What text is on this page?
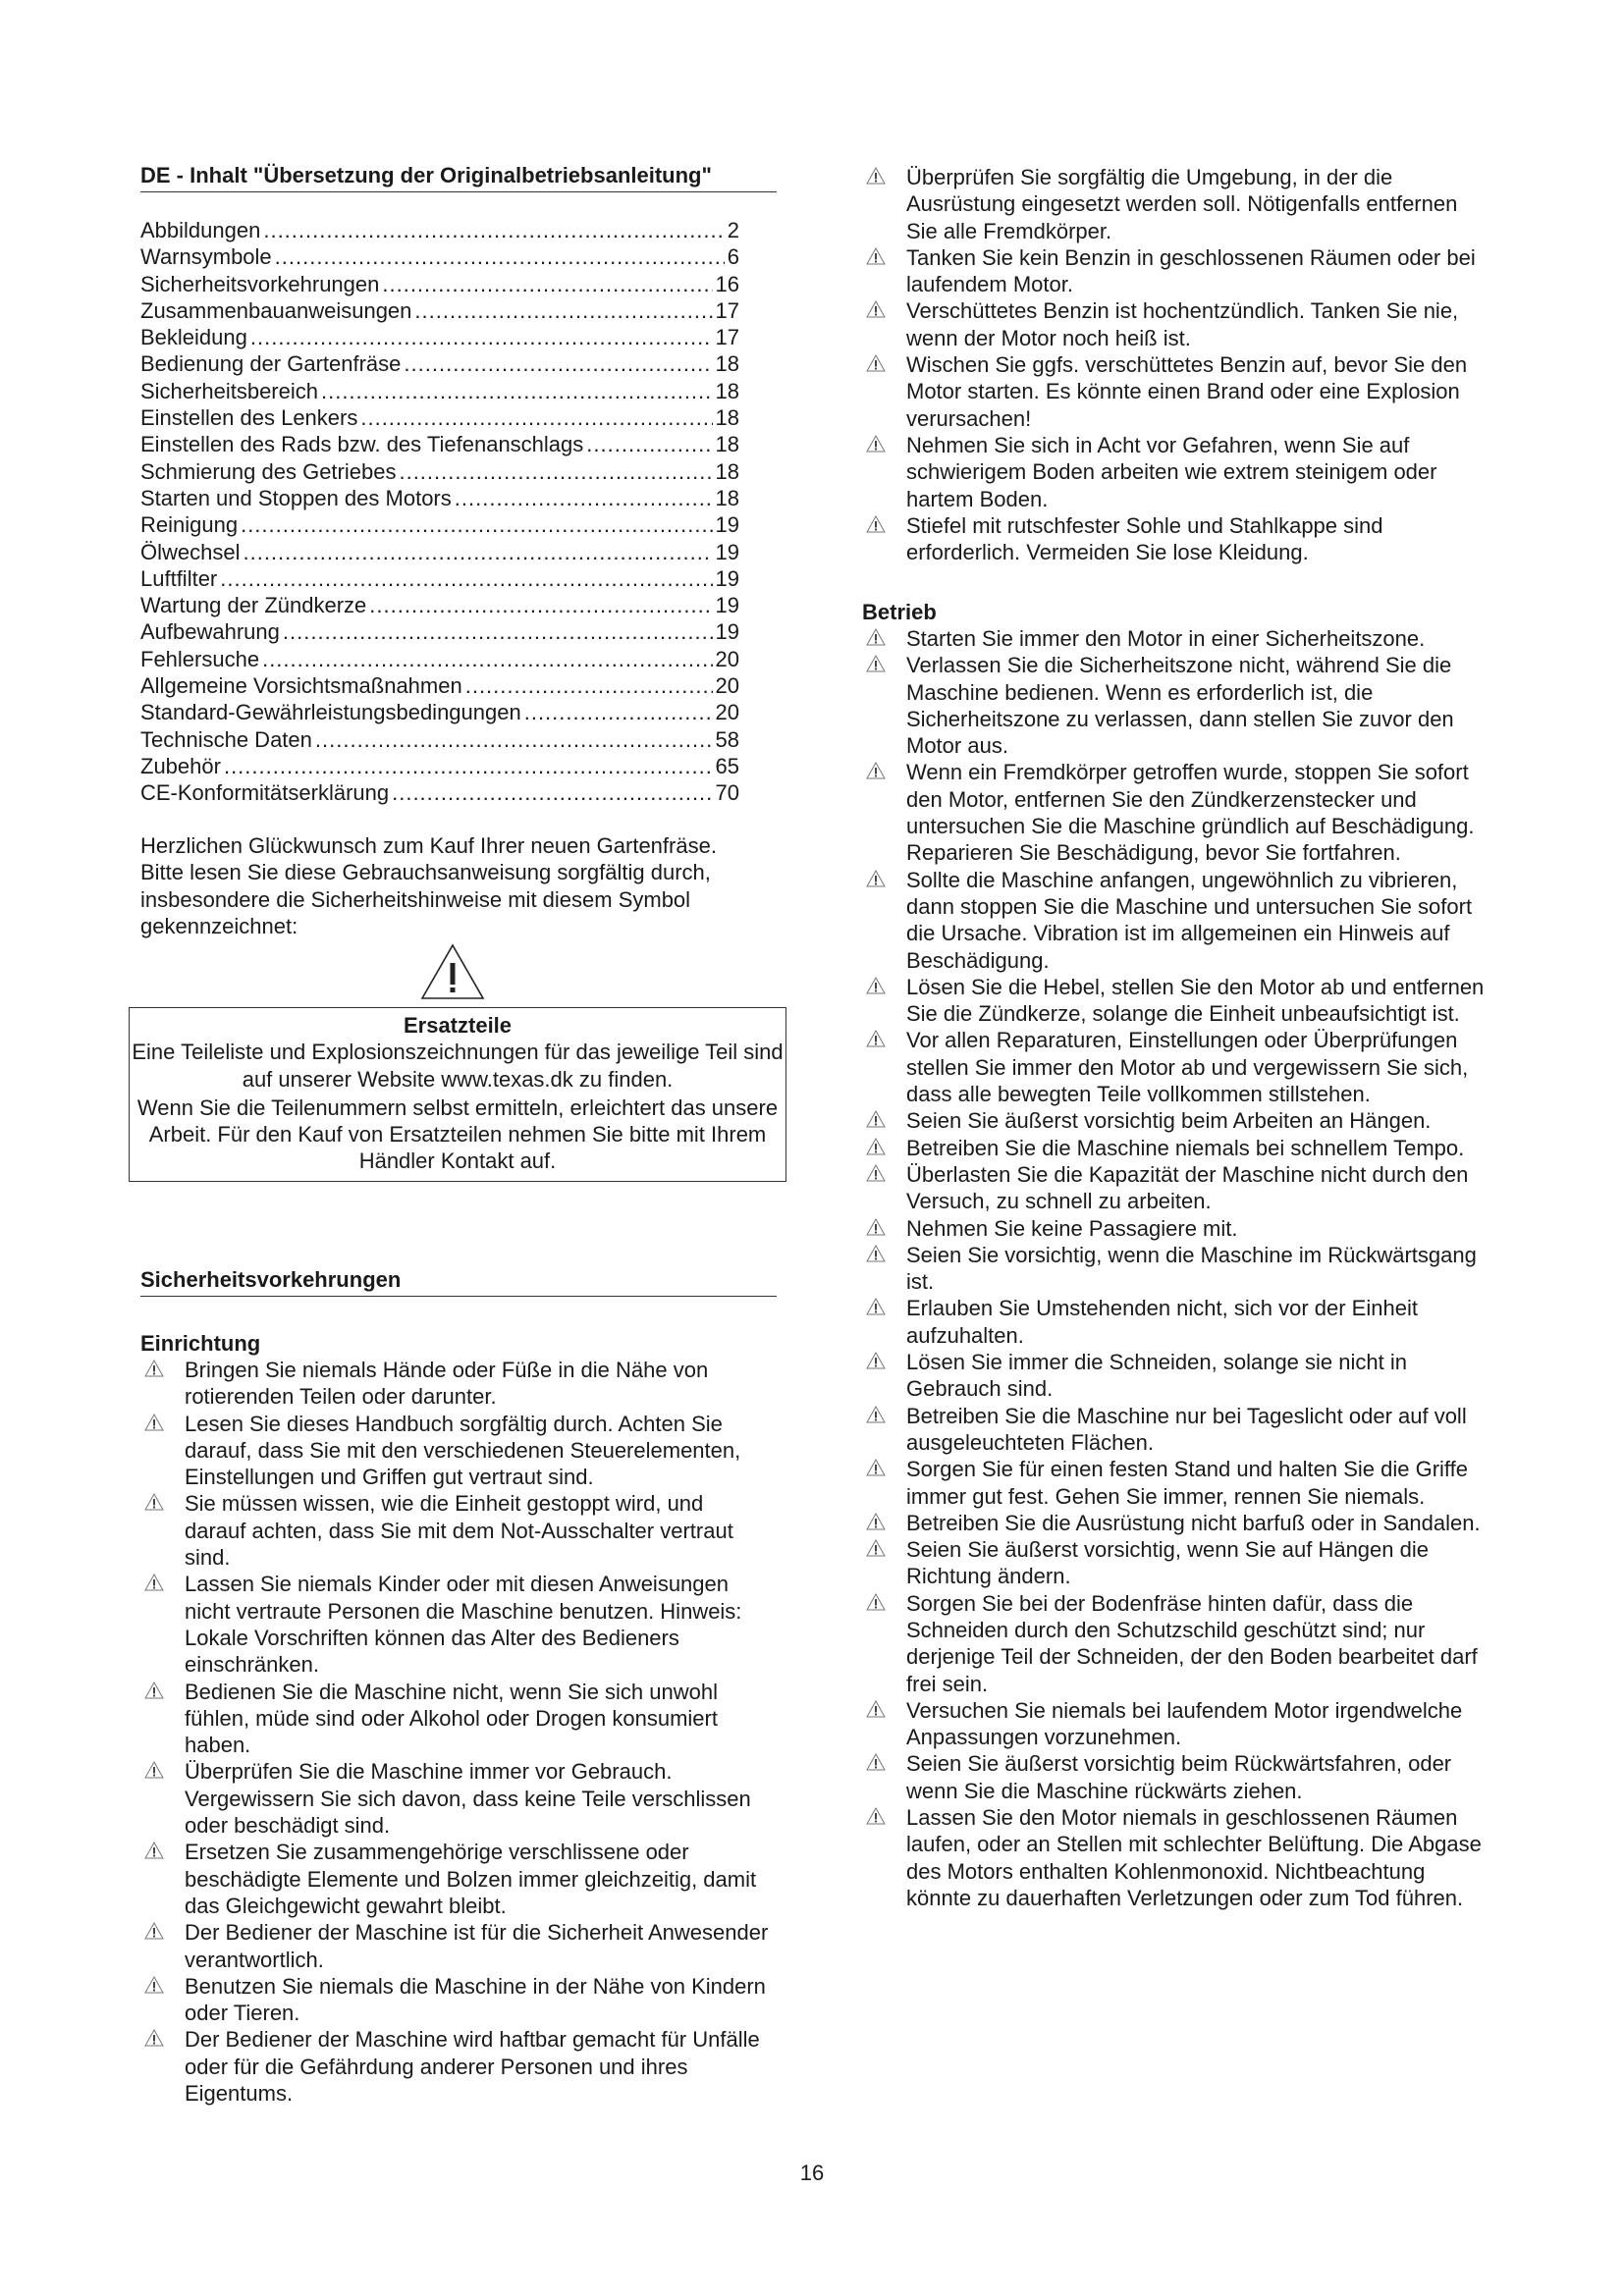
DE - Inhalt "Übersetzung der Originalbetriebsanleitung"
Abbildungen .....	2
Warnsymbole .....	6
Sicherheitsvorkehrungen .....	16
Zusammenbauanweisungen .....	17
Bekleidung .....	17
Bedienung der Gartenfräse .....	18
Sicherheitsbereich .....	18
Einstellen des Lenkers .....	18
Einstellen des Rads bzw. des Tiefenanschlags .....	18
Schmierung des Getriebes .....	18
Starten und Stoppen des Motors .....	18
Reinigung .....	19
Ölwechsel .....	19
Luftfilter .....	19
Wartung der Zündkerze .....	19
Aufbewahrung .....	19
Fehlersuche .....	20
Allgemeine Vorsichtsmaßnahmen .....	20
Standard-Gewährleistungsbedingungen .....	20
Technische Daten .....	58
Zubehör .....	65
CE-Konformitätserklärung .....	70
Herzlichen Glückwunsch zum Kauf Ihrer neuen Gartenfräse.
Bitte lesen Sie diese Gebrauchsanweisung sorgfältig durch,
insbesondere die Sicherheitshinweise mit diesem Symbol
gekennzeichnet:
Ersatzteile

Eine Teileliste und Explosionszeichnungen für das jeweilige Teil sind auf unserer Website www.texas.dk zu finden.

Wenn Sie die Teilenummern selbst ermitteln, erleichtert das unsere Arbeit. Für den Kauf von Ersatzteilen nehmen Sie bitte mit Ihrem Händler Kontakt auf.

Sicherheitsvorkehrungen
Einrichtung
Bringen Sie niemals Hände oder Füße in die Nähe von rotierenden Teilen oder darunter.
Lesen Sie dieses Handbuch sorgfältig durch. Achten Sie darauf, dass Sie mit den verschiedenen Steuerelementen, Einstellungen und Griffen gut vertraut sind.
Sie müssen wissen, wie die Einheit gestoppt wird, und darauf achten, dass Sie mit dem Not-Ausschalter vertraut sind.
Lassen Sie niemals Kinder oder mit diesen Anweisungen nicht vertraute Personen die Maschine benutzen. Hinweis: Lokale Vorschriften können das Alter des Bedieners einschränken.
Bedienen Sie die Maschine nicht, wenn Sie sich unwohl fühlen, müde sind oder Alkohol oder Drogen konsumiert haben.
Überprüfen Sie die Maschine immer vor Gebrauch. Vergewissern Sie sich davon, dass keine Teile verschlissen oder beschädigt sind.
Ersetzen Sie zusammengehörige verschlissene oder beschädigte Elemente und Bolzen immer gleichzeitig, damit das Gleichgewicht gewahrt bleibt.
Der Bediener der Maschine ist für die Sicherheit Anwesender verantwortlich.
Benutzen Sie niemals die Maschine in der Nähe von Kindern oder Tieren.
Der Bediener der Maschine wird haftbar gemacht für Unfälle oder für die Gefährdung anderer Personen und ihres Eigentums.
Überprüfen Sie sorgfältig die Umgebung, in der die Ausrüstung eingesetzt werden soll. Nötigenfalls entfernen Sie alle Fremdkörper.
Tanken Sie kein Benzin in geschlossenen Räumen oder bei laufendem Motor.
Verschüttetes Benzin ist hochentzündlich. Tanken Sie nie, wenn der Motor noch heiß ist.
Wischen Sie ggfs. verschüttetes Benzin auf, bevor Sie den Motor starten. Es könnte einen Brand oder eine Explosion verursachen!
Nehmen Sie sich in Acht vor Gefahren, wenn Sie auf schwierigem Boden arbeiten wie extrem steinigem oder hartem Boden.
Stiefel mit rutschfester Sohle und Stahlkappe sind erforderlich. Vermeiden Sie lose Kleidung.
Betrieb
Starten Sie immer den Motor in einer Sicherheitszone.
Verlassen Sie die Sicherheitszone nicht, während Sie die Maschine bedienen. Wenn es erforderlich ist, die Sicherheitszone zu verlassen, dann stellen Sie zuvor den Motor aus.
Wenn ein Fremdkörper getroffen wurde, stoppen Sie sofort den Motor, entfernen Sie den Zündkerzenstecker und untersuchen Sie die Maschine gründlich auf Beschädigung. Reparieren Sie Beschädigung, bevor Sie fortfahren.
Sollte die Maschine anfangen, ungewöhnlich zu vibrieren, dann stoppen Sie die Maschine und untersuchen Sie sofort die Ursache. Vibration ist im allgemeinen ein Hinweis auf Beschädigung.
Lösen Sie die Hebel, stellen Sie den Motor ab und entfernen Sie die Zündkerze, solange die Einheit unbeaufsichtigt ist.
Vor allen Reparaturen, Einstellungen oder Überprüfungen stellen Sie immer den Motor ab und vergewissern Sie sich, dass alle bewegten Teile vollkommen stillstehen.
Seien Sie äußerst vorsichtig beim Arbeiten an Hängen.
Betreiben Sie die Maschine niemals bei schnellem Tempo.
Überlasten Sie die Kapazität der Maschine nicht durch den Versuch, zu schnell zu arbeiten.
Nehmen Sie keine Passagiere mit.
Seien Sie vorsichtig, wenn die Maschine im Rückwärtsgang ist.
Erlauben Sie Umstehenden nicht, sich vor der Einheit aufzuhalten.
Lösen Sie immer die Schneiden, solange sie nicht in Gebrauch sind.
Betreiben Sie die Maschine nur bei Tageslicht oder auf voll ausgeleuchteten Flächen.
Sorgen Sie für einen festen Stand und halten Sie die Griffe immer gut fest. Gehen Sie immer, rennen Sie niemals.
Betreiben Sie die Ausrüstung nicht barfuß oder in Sandalen.
Seien Sie äußerst vorsichtig, wenn Sie auf Hängen die Richtung ändern.
Sorgen Sie bei der Bodenfräse hinten dafür, dass die Schneiden durch den Schutzschild geschützt sind; nur derjenige Teil der Schneiden, der den Boden bearbeitet darf frei sein.
Versuchen Sie niemals bei laufendem Motor irgendwelche Anpassungen vorzunehmen.
Seien Sie äußerst vorsichtig beim Rückwärtsfahren, oder wenn Sie die Maschine rückwärts ziehen.
Lassen Sie den Motor niemals in geschlossenen Räumen laufen, oder an Stellen mit schlechter Belüftung. Die Abgase des Motors enthalten Kohlenmonoxid. Nichtbeachtung könnte zu dauerhaften Verletzungen oder zum Tod führen.
16
